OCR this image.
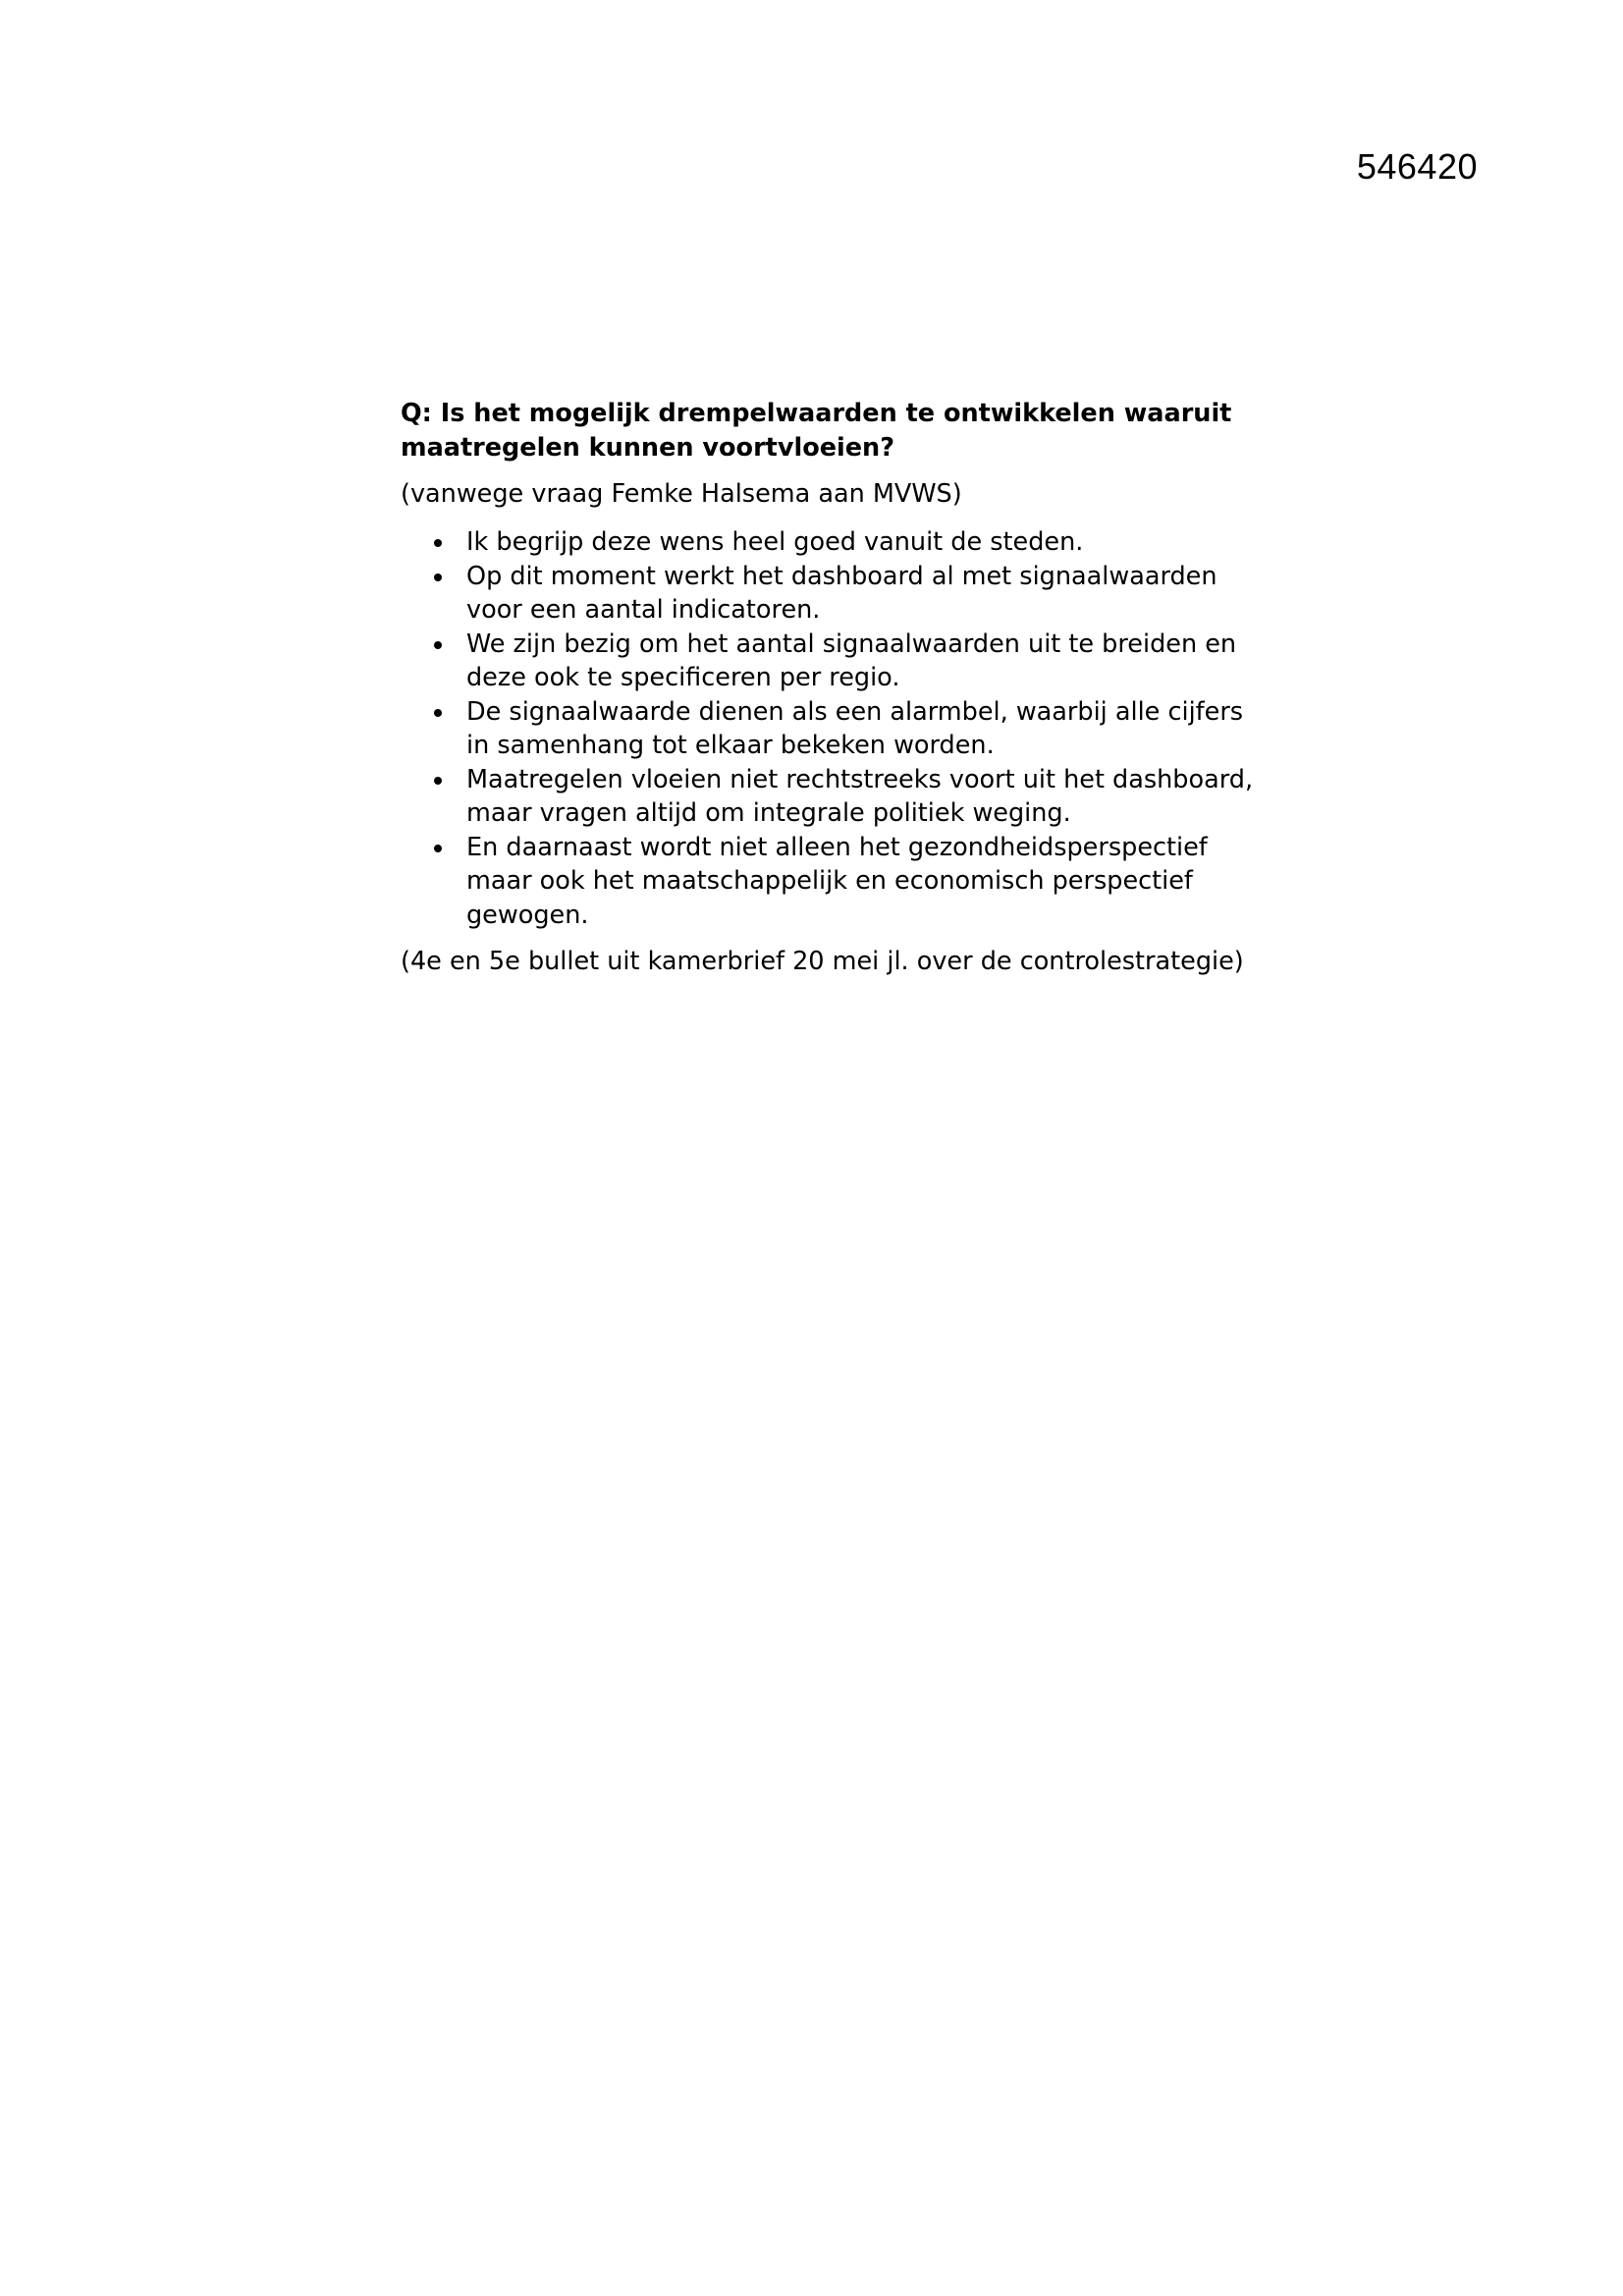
546420

Q: Is het mogelijk drempelwaarden te ontwikkelen waaruit maatregelen kunnen voortvloeien?

(vanwege vraag Femke Halsema aan MVWS)

Ik begrijp deze wens heel goed vanuit de steden.
Op dit moment werkt het dashboard al met signaalwaarden voor een aantal indicatoren.
We zijn bezig om het aantal signaalwaarden uit te breiden en deze ook te specificeren per regio.
De signaalwaarde dienen als een alarmbel, waarbij alle cijfers in samenhang tot elkaar bekeken worden.
Maatregelen vloeien niet rechtstreeks voort uit het dashboard, maar vragen altijd om integrale politiek weging.
En daarnaast wordt niet alleen het gezondheidsperspectief maar ook het maatschappelijk en economisch perspectief gewogen.

(4e en 5e bullet uit kamerbrief 20 mei jl. over de controlestrategie)
